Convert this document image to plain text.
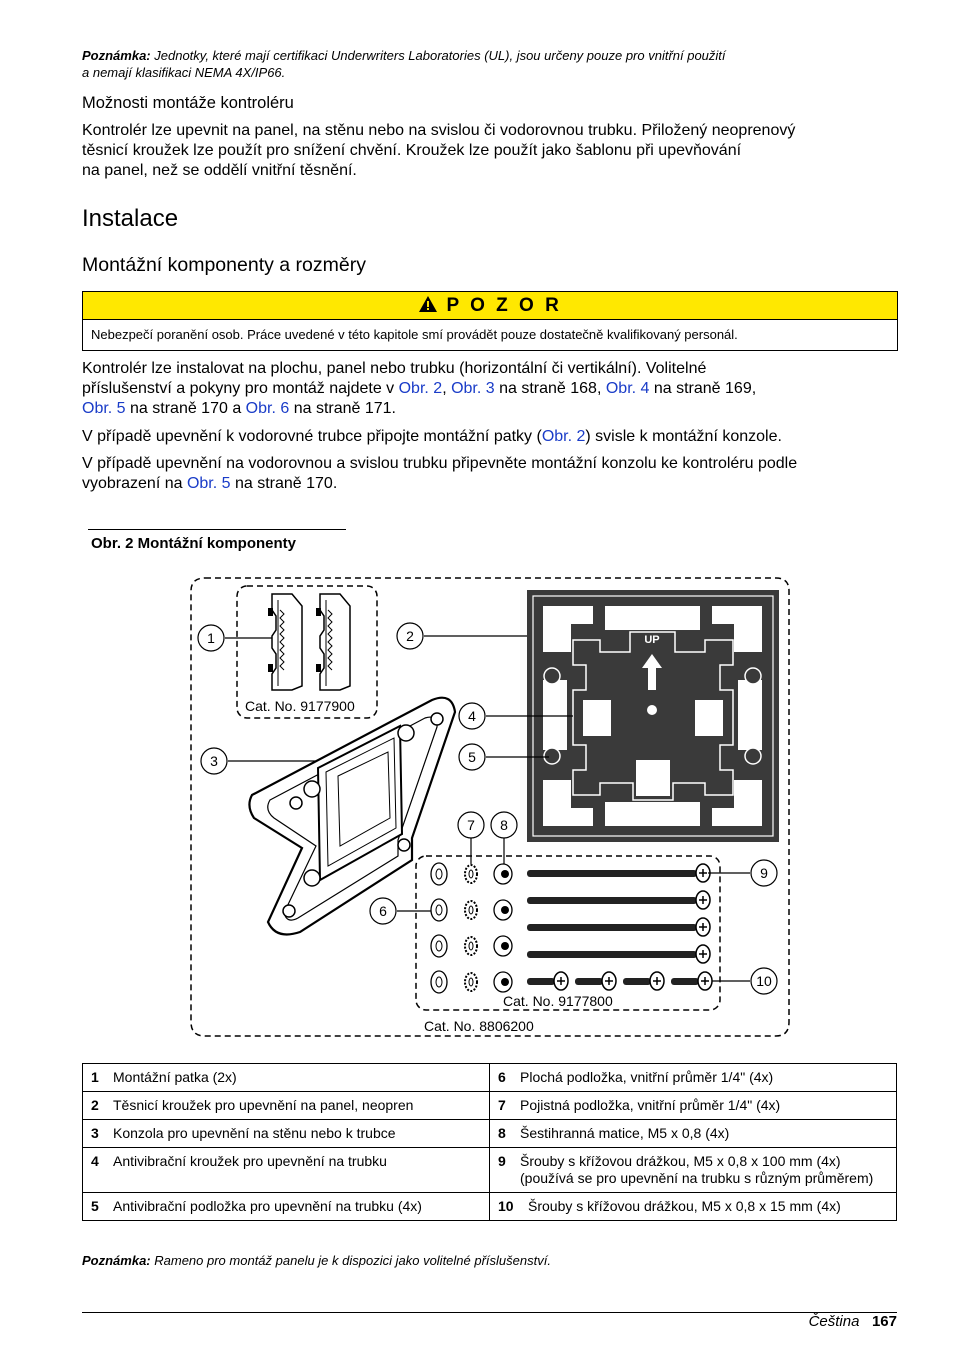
Poznámka: Jednotky, které mají certifikaci Underwriters Laboratories (UL), jsou určeny pouze pro vnitřní použití
a nemají klasifikaci NEMA 4X/IP66.
Možnosti montáže kontroléru
Kontrolér lze upevnit na panel, na stěnu nebo na svislou či vodorovnou trubku. Přiložený neoprenový
těsnicí kroužek lze použít pro snížení chvění. Kroužek lze použít jako šablonu při upevňování
na panel, než se oddělí vnitřní těsnění.
Instalace
Montážní komponenty a rozměry
P O Z O R
Nebezpečí poranění osob. Práce uvedené v této kapitole smí provádět pouze dostatečně kvalifikovaný personál.
Kontrolér lze instalovat na plochu, panel nebo trubku (horizontální či vertikální). Volitelné
příslušenství a pokyny pro montáž najdete v Obr. 2, Obr. 3 na straně 168, Obr. 4 na straně 169,
Obr. 5 na straně 170 a Obr. 6 na straně 171.
V případě upevnění k vodorovné trubce připojte montážní patky (Obr. 2) svisle k montážní konzole.
V případě upevnění na vodorovnou a svislou trubku připevněte montážní konzolu ke kontroléru podle
vyobrazení na Obr. 5 na straně 170.
Obr. 2 Montážní komponenty
Cat. No. 9177900
UP
Cat. No. 9177800
Cat. No. 8806200
1	2
3
4
5
6
7 8
9
10
1 Montážní patka (2x)	6 Plochá podložka, vnitřní průměr 1/4" (4x)

2 Těsnicí kroužek pro upevnění na panel, neopren	7 Pojistná podložka, vnitřní průměr 1/4" (4x)

3 Konzola pro upevnění na stěnu nebo k trubce	8 Šestihranná matice, M5 x 0,8 (4x)

4 Antivibrační kroužek pro upevnění na trubku	9 Šrouby s křížovou drážkou, M5 x 0,8 x 100 mm (4x) (používá se pro upevnění na trubku s různým průměrem)

5 Antivibrační podložka pro upevnění na trubku (4x)	10 Šrouby s křížovou drážkou, M5 x 0,8 x 15 mm (4x)
Poznámka: Rameno pro montáž panelu je k dispozici jako volitelné příslušenství.
Čeština 167
